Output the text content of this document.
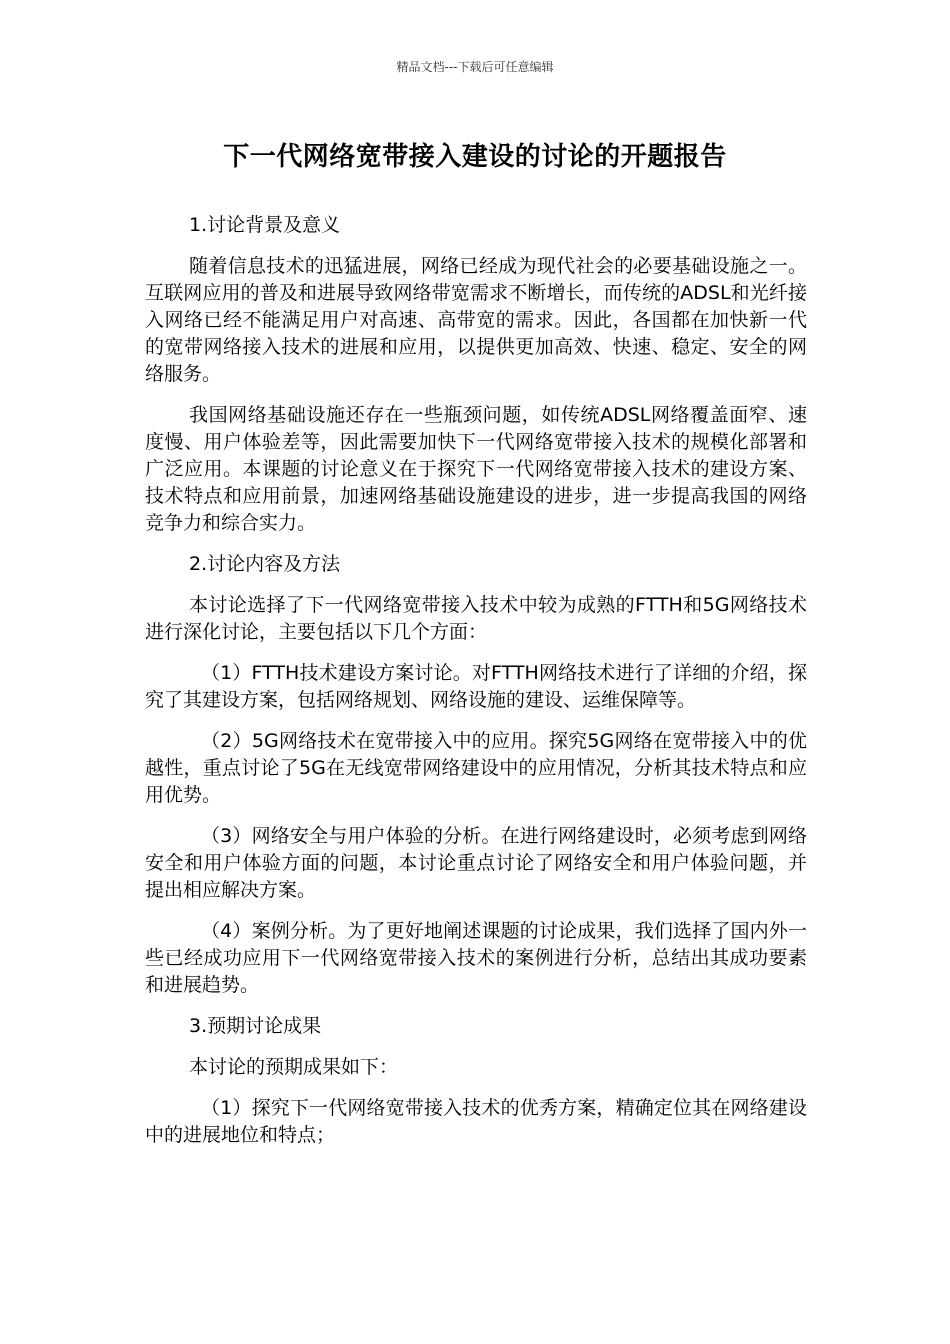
精品文档---下载后可任意编辑
下一代网络宽带接入建设的讨论的开题报告

1.讨论背景及意义

随着信息技术的迅猛进展，网络已经成为现代社会的必要基础设施之一。互联网应用的普及和进展导致网络带宽需求不断增长，而传统的ADSL和光纤接入网络已经不能满足用户对高速、高带宽的需求。因此，各国都在加快新一代的宽带网络接入技术的进展和应用，以提供更加高效、快速、稳定、安全的网络服务。

我国网络基础设施还存在一些瓶颈问题，如传统ADSL网络覆盖面窄、速度慢、用户体验差等，因此需要加快下一代网络宽带接入技术的规模化部署和广泛应用。本课题的讨论意义在于探究下一代网络宽带接入技术的建设方案、技术特点和应用前景，加速网络基础设施建设的进步，进一步提高我国的网络竞争力和综合实力。

2.讨论内容及方法

本讨论选择了下一代网络宽带接入技术中较为成熟的FTTH和5G网络技术进行深化讨论，主要包括以下几个方面：

（1）FTTH技术建设方案讨论。对FTTH网络技术进行了详细的介绍，探究了其建设方案，包括网络规划、网络设施的建设、运维保障等。

（2）5G网络技术在宽带接入中的应用。探究5G网络在宽带接入中的优越性，重点讨论了5G在无线宽带网络建设中的应用情况，分析其技术特点和应用优势。

（3）网络安全与用户体验的分析。在进行网络建设时，必须考虑到网络安全和用户体验方面的问题，本讨论重点讨论了网络安全和用户体验问题，并提出相应解决方案。

（4）案例分析。为了更好地阐述课题的讨论成果，我们选择了国内外一些已经成功应用下一代网络宽带接入技术的案例进行分析，总结出其成功要素和进展趋势。

3.预期讨论成果

本讨论的预期成果如下：

（1）探究下一代网络宽带接入技术的优秀方案，精确定位其在网络建设中的进展地位和特点；
